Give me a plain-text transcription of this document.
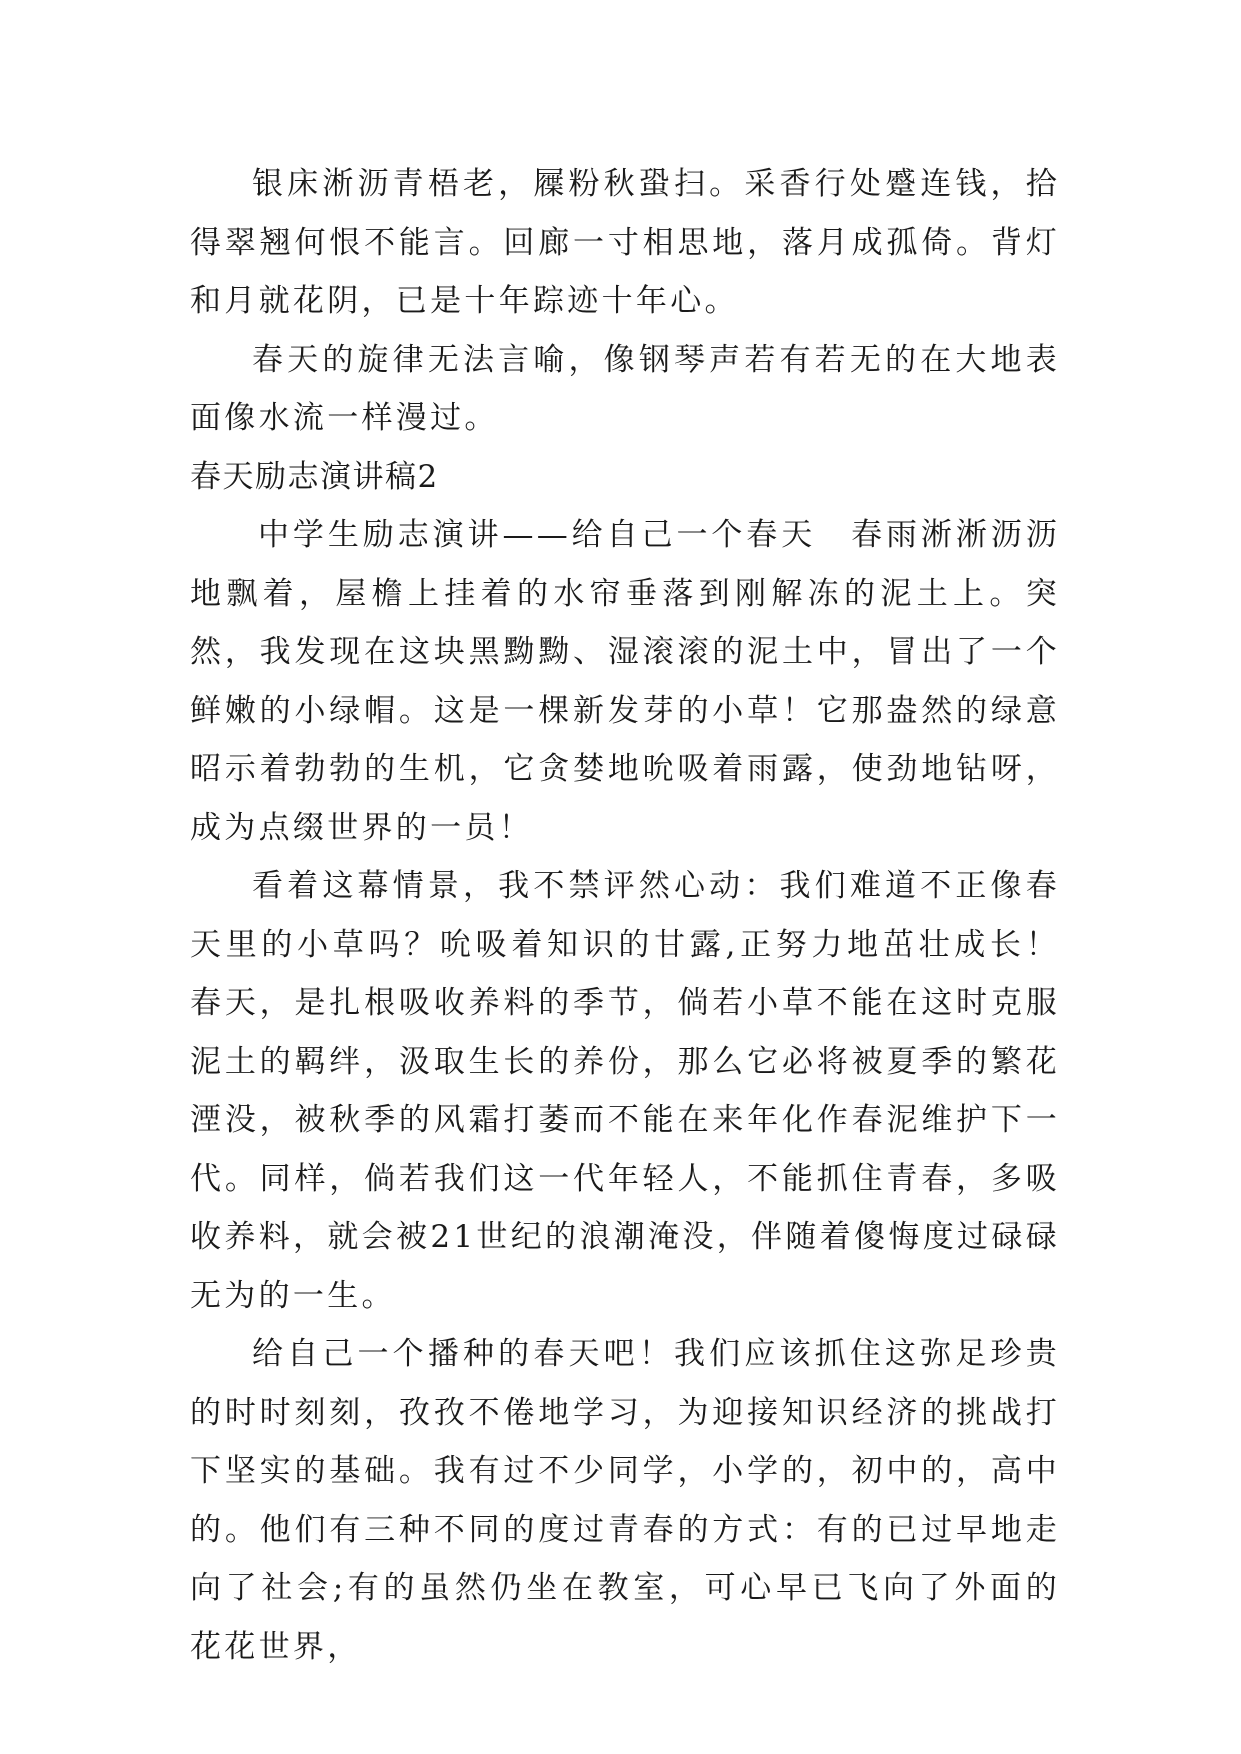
银床淅沥青梧老，屧粉秋蛩扫。采香行处蹙连钱，拾得翠翘何恨不能言。回廊一寸相思地，落月成孤倚。背灯和月就花阴，已是十年踪迹十年心。

春天的旋律无法言喻，像钢琴声若有若无的在大地表面像水流一样漫过。

春天励志演讲稿2

中学生励志演讲——给自己一个春天　春雨淅淅沥沥地飘着，屋檐上挂着的水帘垂落到刚解冻的泥土上。突然，我发现在这块黑黝黝、湿滚滚的泥土中，冒出了一个鲜嫩的小绿帽。这是一棵新发芽的小草！它那盎然的绿意昭示着勃勃的生机，它贪婪地吮吸着雨露，使劲地钻呀，成为点缀世界的一员！

看着这幕情景，我不禁评然心动：我们难道不正像春天里的小草吗？吮吸着知识的甘露,正努力地茁壮成长！春天，是扎根吸收养料的季节，倘若小草不能在这时克服泥土的羁绊，汲取生长的养份，那么它必将被夏季的繁花湮没，被秋季的风霜打萎而不能在来年化作春泥维护下一代。同样，倘若我们这一代年轻人，不能抓住青春，多吸收养料，就会被21世纪的浪潮淹没，伴随着傻悔度过碌碌无为的一生。

给自己一个播种的春天吧！我们应该抓住这弥足珍贵的时时刻刻，孜孜不倦地学习，为迎接知识经济的挑战打下坚实的基础。我有过不少同学，小学的，初中的，高中的。他们有三种不同的度过青春的方式：有的已过早地走向了社会;有的虽然仍坐在教室，可心早已飞向了外面的花花世界，
